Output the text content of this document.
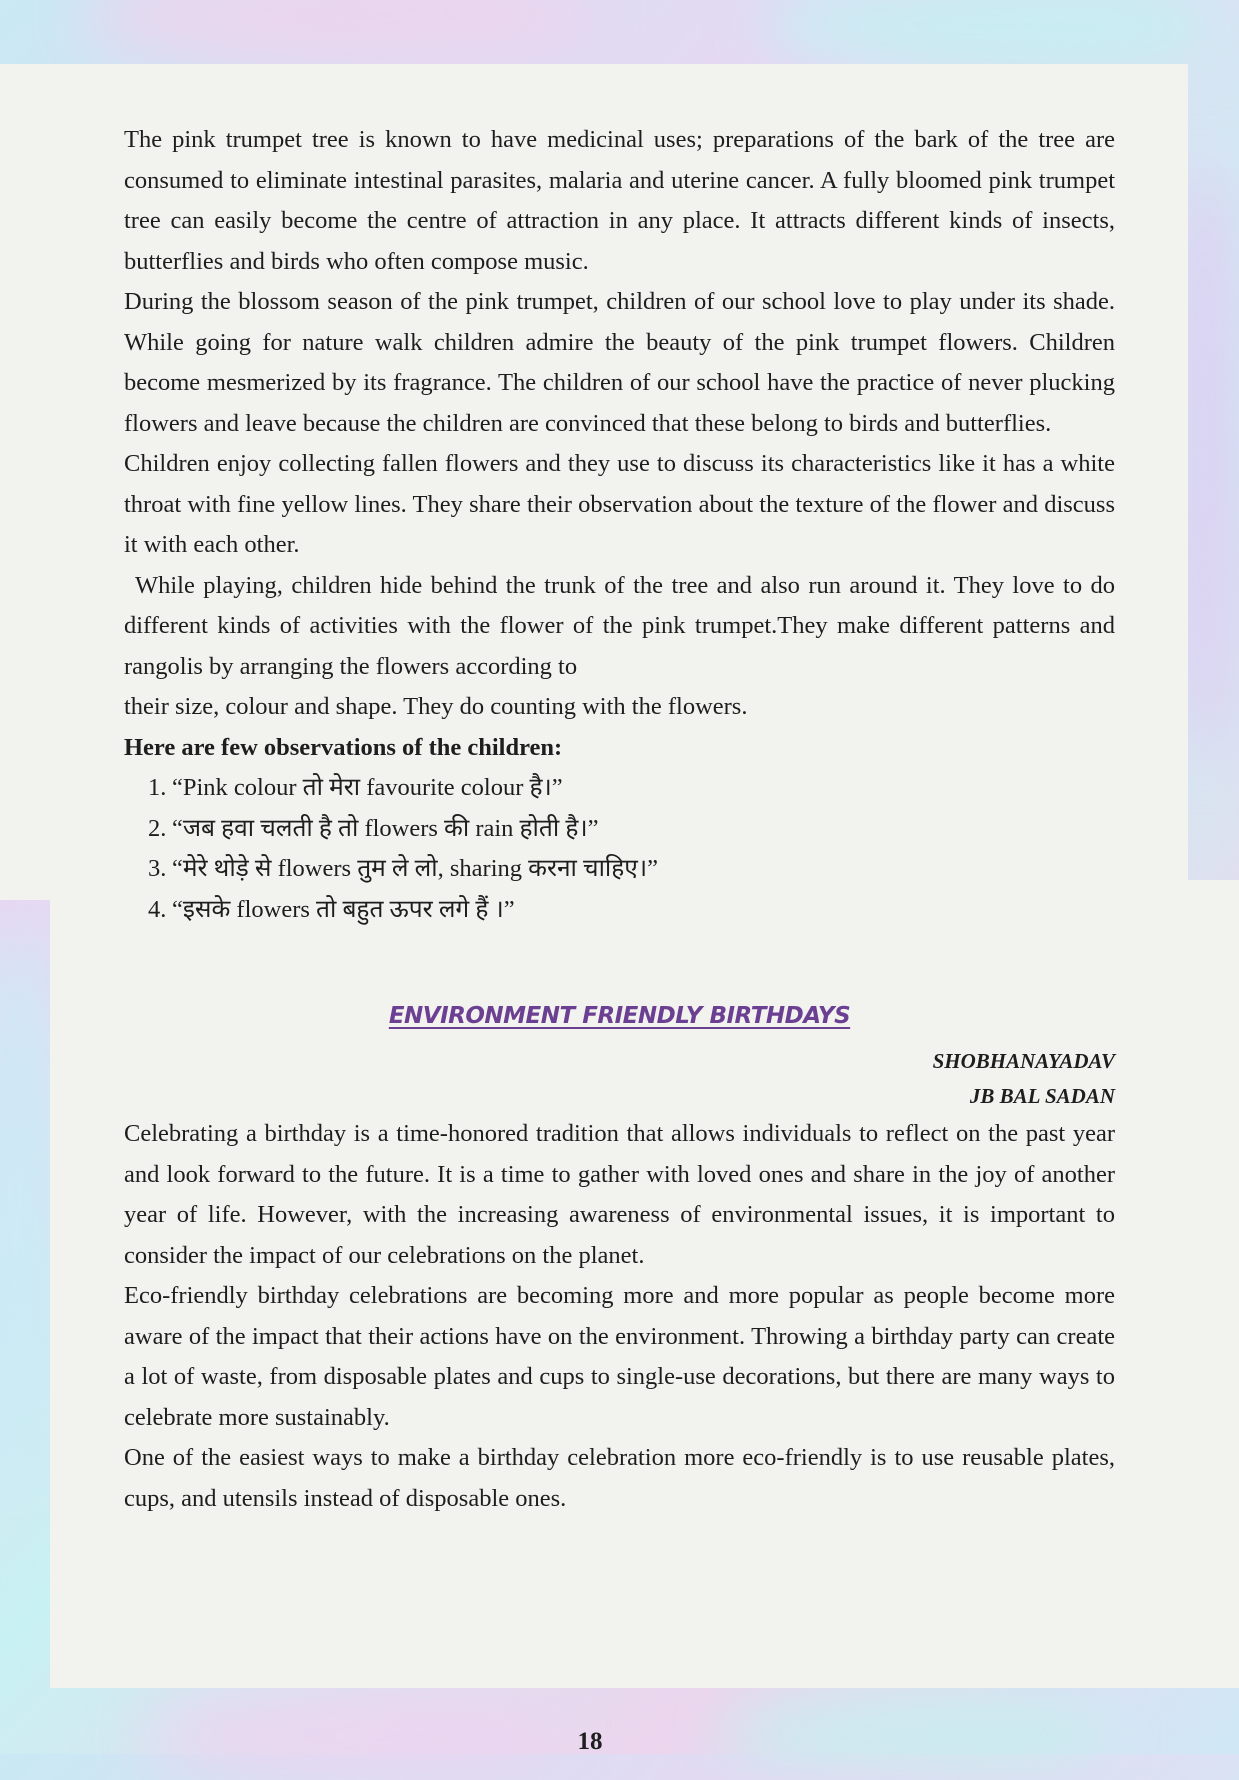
The pink trumpet tree is known to have medicinal uses; preparations of the bark of the tree are consumed to eliminate intestinal parasites, malaria and uterine cancer. A fully bloomed pink trumpet tree can easily become the centre of attraction in any place. It attracts different kinds of insects, butterflies and birds who often compose music.

During the blossom season of the pink trumpet, children of our school love to play under its shade. While going for nature walk children admire the beauty of the pink trumpet flowers. Children become mesmerized by its fragrance. The children of our school have the practice of never plucking flowers and leave because the children are convinced that these belong to birds and butterflies.

Children enjoy collecting fallen flowers and they use to discuss its characteristics like it has a white throat with fine yellow lines. They share their observation about the texture of the flower and discuss it with each other.

While playing, children hide behind the trunk of the tree and also run around it. They love to do different kinds of activities with the flower of the pink trumpet.They make different patterns and rangolis by arranging the flowers according to

their size, colour and shape. They do counting with the flowers.

Here are few observations of the children:

1. “Pink colour तो मेरा favourite colour है।”
2. “जब हवा चलती है तो flowers की rain होती है।”
3. “मेरे थोड़े से flowers तुम ले लो, sharing करना चाहिए।”
4. “इसके flowers तो बहुत ऊपर लगे हैं ।”
ENVIRONMENT FRIENDLY BIRTHDAYS

SHOBHANAYADAV

JB BAL SADAN

Celebrating a birthday is a time-honored tradition that allows individuals to reflect on the past year and look forward to the future. It is a time to gather with loved ones and share in the joy of another year of life. However, with the increasing awareness of environmental issues, it is important to consider the impact of our celebrations on the planet.

Eco-friendly birthday celebrations are becoming more and more popular as people become more aware of the impact that their actions have on the environment. Throwing a birthday party can create a lot of waste, from disposable plates and cups to single-use decorations, but there are many ways to celebrate more sustainably.

One of the easiest ways to make a birthday celebration more eco-friendly is to use reusable plates, cups, and utensils instead of disposable ones.

18
